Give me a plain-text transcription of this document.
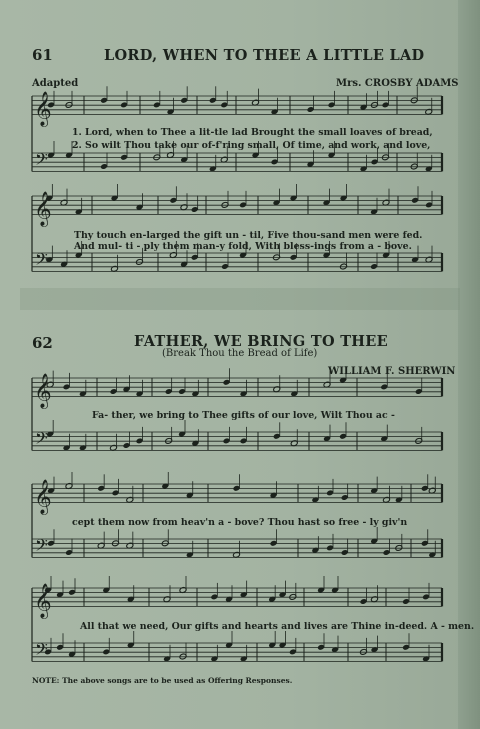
61	LORD, WHEN TO THEE A LITTLE LAD
Adapted	Mrs. CROSBY ADAMS
1. Lord, when to Thee a lit-tle lad Brought the small loaves of bread,
2. So wilt Thou take our of-f'ring small, Of time, and work, and love,
Thy touch en-larged the gift un - til, Five thou-sand men were fed.
And mul- ti - ply them man-y fold, With bless-ings from a - bove.
62	FATHER, WE BRING TO THEE
(Break Thou the Bread of Life)
WILLIAM F. SHERWIN
Fa- ther, we bring to Thee gifts of our love, Wilt Thou ac -
cept them now from heav'n a - bove? Thou hast so free - ly giv'n
All that we need, Our gifts and hearts and lives are Thine in-deed. A - men.
NOTE: The above songs are to be used as Offering Responses.
𝄞
𝄢
𝄞
𝄢
𝄞
𝄢
𝄞
𝄢
𝄞
𝄢
